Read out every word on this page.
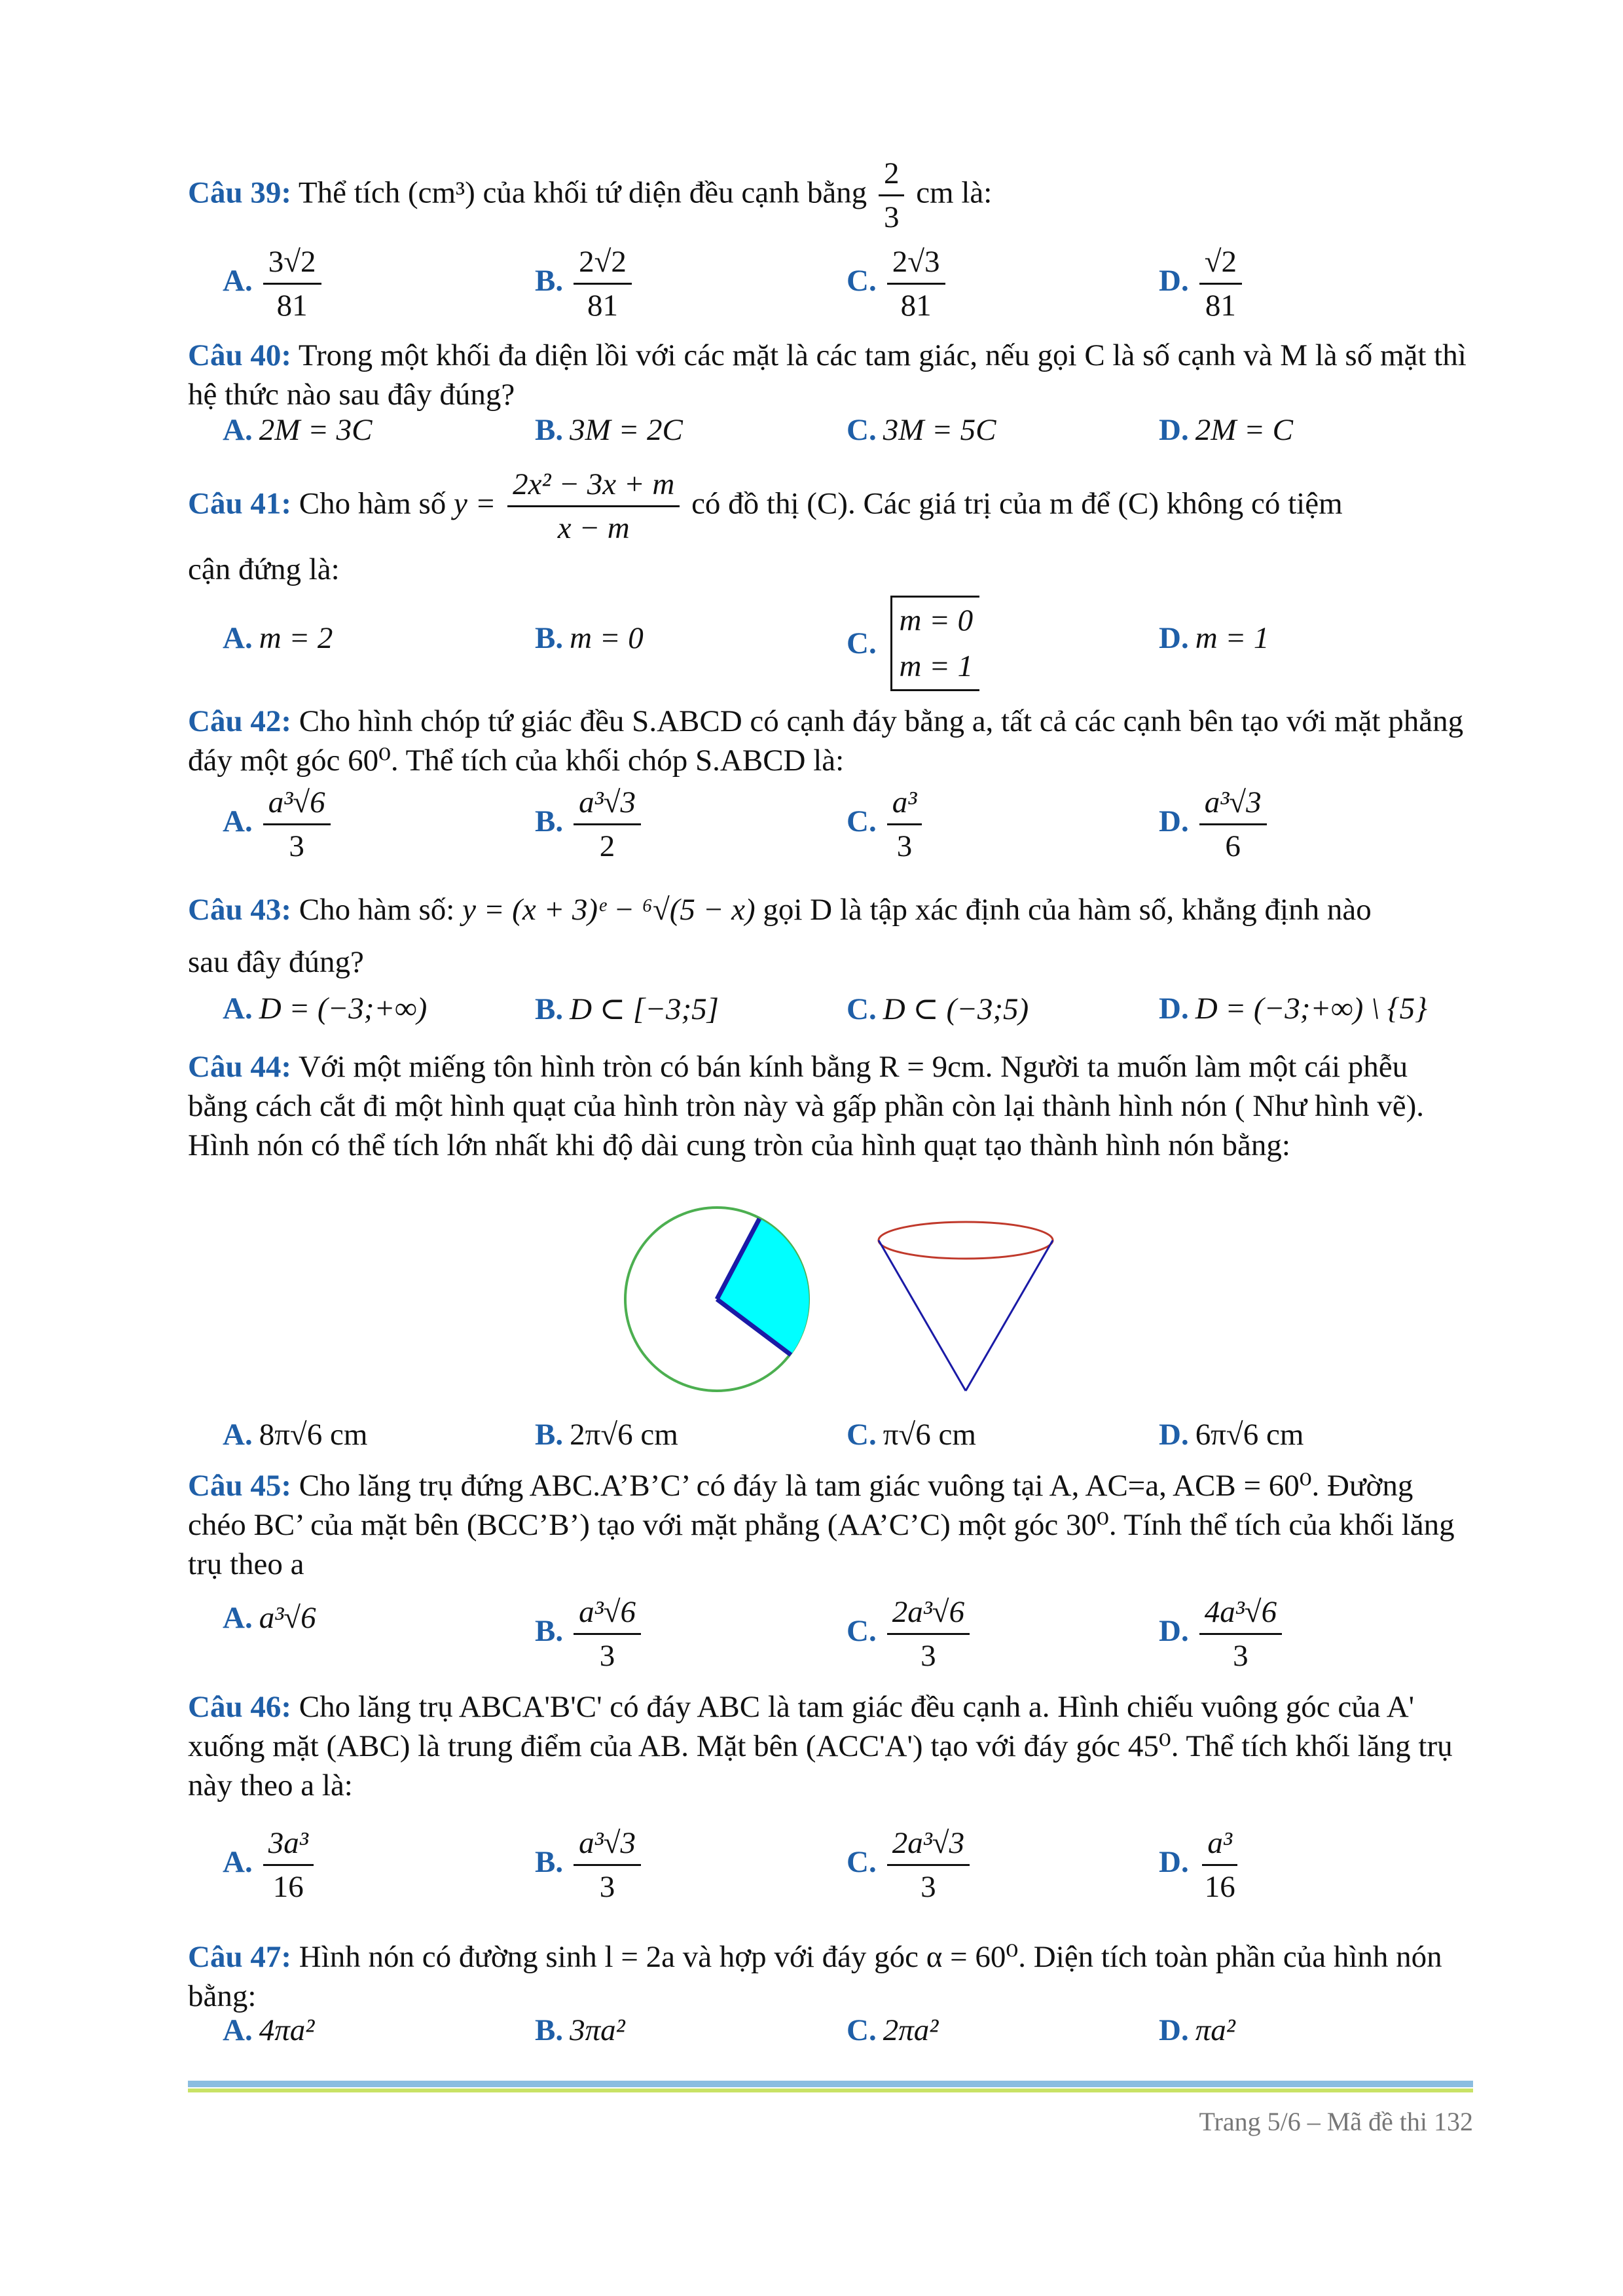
Câu 39: Thể tích (cm³) của khối tứ diện đều cạnh bằng $\frac{2}{3}$ cm là:
A. $\frac{3√2}{81}$	B. $\frac{2√2}{81}$	C. $\frac{2√3}{81}$	D. $\frac{√2}{81}$
Câu 40: Trong một khối đa diện lồi với các mặt là các tam giác, nếu gọi C là số cạnh và M là số mặt thì hệ thức nào sau đây đúng?
A. 2M = 3C	B. 3M = 2C	C. 3M = 5C	D. 2M = C
Câu 41: Cho hàm số $y = \frac{\text{2x² − 3x + m}}{x - m}$ có đồ thị (C). Các giá trị của m để (C) không có tiệm
cận đứng là:
A. m = 2	B. m = 0	C.
m = 0
m = 1
D. m = 1
Câu 42: Cho hình chóp tứ giác đều S.ABCD có cạnh đáy bằng a, tất cả các cạnh bên tạo với mặt phẳng đáy một góc 60⁰. Thể tích của khối chóp S.ABCD là:
A. $\frac{\text{a³√6}}{3}$	B. $\frac{\text{a³√3}}{2}$	C. $\frac{\text{a³}}{3}$	D. $\frac{\text{a³√3}}{6}$
Câu 43: Cho hàm số: y = (x + 3)ᵉ − ⁶√(5 − x) gọi D là tập xác định của hàm số, khẳng định nào
sau đây đúng?
A. D = (−3;+∞)	B. D ⊂ [−3;5]	C. D ⊂ (−3;5)	D. D = (−3;+∞) \ {5}
Câu 44: Với một miếng tôn hình tròn có bán kính bằng R = 9cm. Người ta muốn làm một cái phễu bằng cách cắt đi một hình quạt của hình tròn này và gấp phần còn lại thành hình nón ( Như hình vẽ). Hình nón có thể tích lớn nhất khi độ dài cung tròn của hình quạt tạo thành hình nón bằng:
A. 8π√6 cm	B. 2π√6 cm	C. π√6 cm	D. 6π√6 cm
Câu 45: Cho lăng trụ đứng ABC.A’B’C’ có đáy là tam giác vuông tại A, AC=a, ACB = 60⁰. Đường chéo BC’ của mặt bên (BCC’B’) tạo với mặt phẳng (AA’C’C) một góc 30⁰. Tính thể tích của khối lăng trụ theo a
A. a³√6	B. $\frac{\text{a³√6}}{3}$	C. $\frac{\text{2a³√6}}{3}$	D. $\frac{\text{4a³√6}}{3}$
Câu 46: Cho lăng trụ ABCA'B'C' có đáy ABC là tam giác đều cạnh a. Hình chiếu vuông góc của A' xuống mặt (ABC) là trung điểm của AB. Mặt bên (ACC'A') tạo với đáy góc 45⁰. Thể tích khối lăng trụ này theo a là:
A. $\frac{\text{3a³}}{16}$	B. $\frac{\text{a³√3}}{3}$	C. $\frac{\text{2a³√3}}{3}$	D. $\frac{\text{a³}}{16}$
Câu 47: Hình nón có đường sinh l = 2a và hợp với đáy góc α = 60⁰. Diện tích toàn phần của hình nón bằng:
A. 4πa²	B. 3πa²	C. 2πa²	D. πa²
Trang 5/6 – Mã đề thi 132
